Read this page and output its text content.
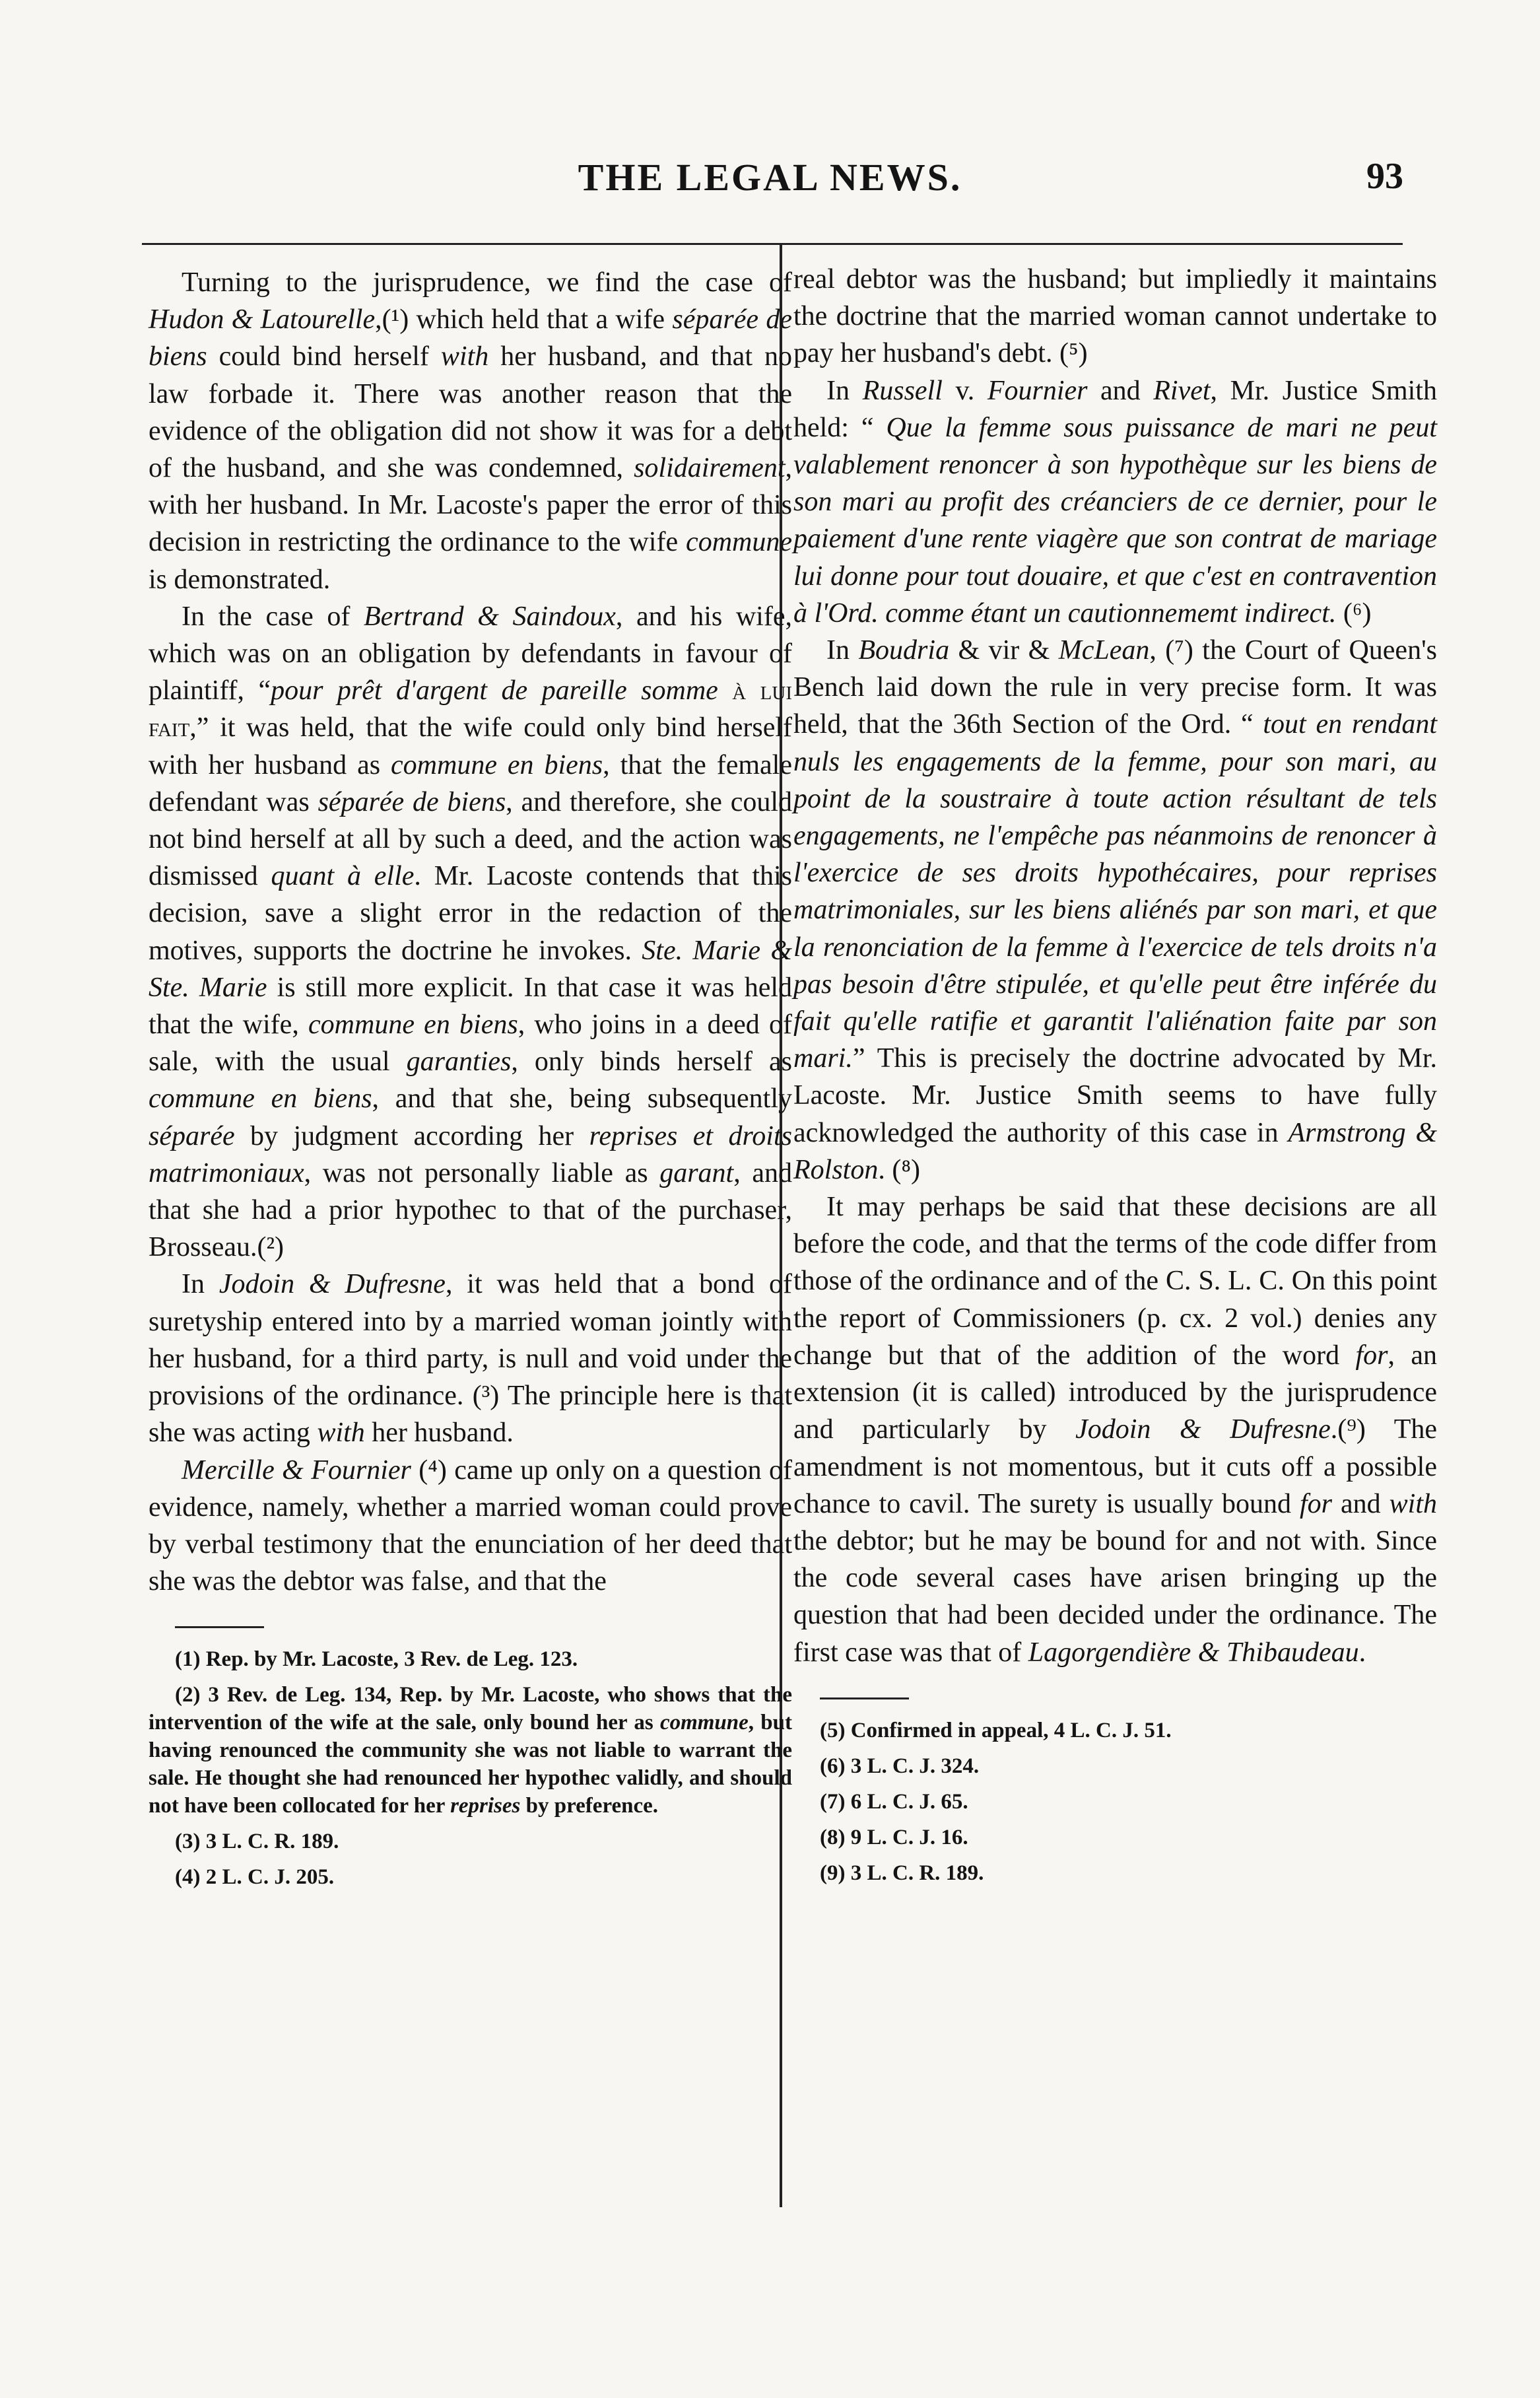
THE LEGAL NEWS.	93

Turning to the jurisprudence, we find the case of Hudon & Latourelle,(¹) which held that a wife séparée de biens could bind herself with her husband, and that no law forbade it. There was another reason that the evidence of the obligation did not show it was for a debt of the husband, and she was condemned, solidairement, with her husband. In Mr. Lacoste's paper the error of this decision in restricting the ordinance to the wife commune is demonstrated.

In the case of Bertrand & Saindoux, and his wife, which was on an obligation by defendants in favour of plaintiff, “pour prêt d'argent de pareille somme à lui fait,” it was held, that the wife could only bind herself with her husband as commune en biens, that the female defendant was séparée de biens, and therefore, she could not bind herself at all by such a deed, and the action was dismissed quant à elle. Mr. Lacoste contends that this decision, save a slight error in the redaction of the motives, supports the doctrine he invokes. Ste. Marie & Ste. Marie is still more explicit. In that case it was held that the wife, commune en biens, who joins in a deed of sale, with the usual garanties, only binds herself as commune en biens, and that she, being subsequently séparée by judgment according her reprises et droits matrimoniaux, was not personally liable as garant, and that she had a prior hypothec to that of the purchaser, Brosseau.(²)

In Jodoin & Dufresne, it was held that a bond of suretyship entered into by a married woman jointly with her husband, for a third party, is null and void under the provisions of the ordinance. (³) The principle here is that she was acting with her husband.

Mercille & Fournier (⁴) came up only on a question of evidence, namely, whether a married woman could prove by verbal testimony that the enunciation of her deed that she was the debtor was false, and that the

(1) Rep. by Mr. Lacoste, 3 Rev. de Leg. 123.

(2) 3 Rev. de Leg. 134, Rep. by Mr. Lacoste, who shows that the intervention of the wife at the sale, only bound her as commune, but having renounced the community she was not liable to warrant the sale. He thought she had renounced her hypothec validly, and should not have been collocated for her reprises by preference.

(3) 3 L. C. R. 189.

(4) 2 L. C. J. 205.

real debtor was the husband; but impliedly it maintains the doctrine that the married woman cannot undertake to pay her husband's debt. (⁵)

In Russell v. Fournier and Rivet, Mr. Justice Smith held: “ Que la femme sous puissance de mari ne peut valablement renoncer à son hypothèque sur les biens de son mari au profit des créanciers de ce dernier, pour le paiement d'une rente viagère que son contrat de mariage lui donne pour tout douaire, et que c'est en contravention à l'Ord. comme étant un cautionnememt indirect. (⁶)

In Boudria & vir & McLean, (⁷) the Court of Queen's Bench laid down the rule in very precise form. It was held, that the 36th Section of the Ord. “ tout en rendant nuls les engagements de la femme, pour son mari, au point de la soustraire à toute action résultant de tels engagements, ne l'empêche pas néanmoins de renoncer à l'exercice de ses droits hypothécaires, pour reprises matrimoniales, sur les biens aliénés par son mari, et que la renonciation de la femme à l'exercice de tels droits n'a pas besoin d'être stipulée, et qu'elle peut être inférée du fait qu'elle ratifie et garantit l'aliénation faite par son mari.” This is precisely the doctrine advocated by Mr. Lacoste. Mr. Justice Smith seems to have fully acknowledged the authority of this case in Armstrong & Rolston. (⁸)

It may perhaps be said that these decisions are all before the code, and that the terms of the code differ from those of the ordinance and of the C. S. L. C. On this point the report of Commissioners (p. cx. 2 vol.) denies any change but that of the addition of the word for, an extension (it is called) introduced by the jurisprudence and particularly by Jodoin & Dufresne.(⁹) The amendment is not momentous, but it cuts off a possible chance to cavil. The surety is usually bound for and with the debtor; but he may be bound for and not with. Since the code several cases have arisen bringing up the question that had been decided under the ordinance. The first case was that of Lagorgendière & Thibaudeau.

(5) Confirmed in appeal, 4 L. C. J. 51.

(6) 3 L. C. J. 324.

(7) 6 L. C. J. 65.

(8) 9 L. C. J. 16.

(9) 3 L. C. R. 189.
